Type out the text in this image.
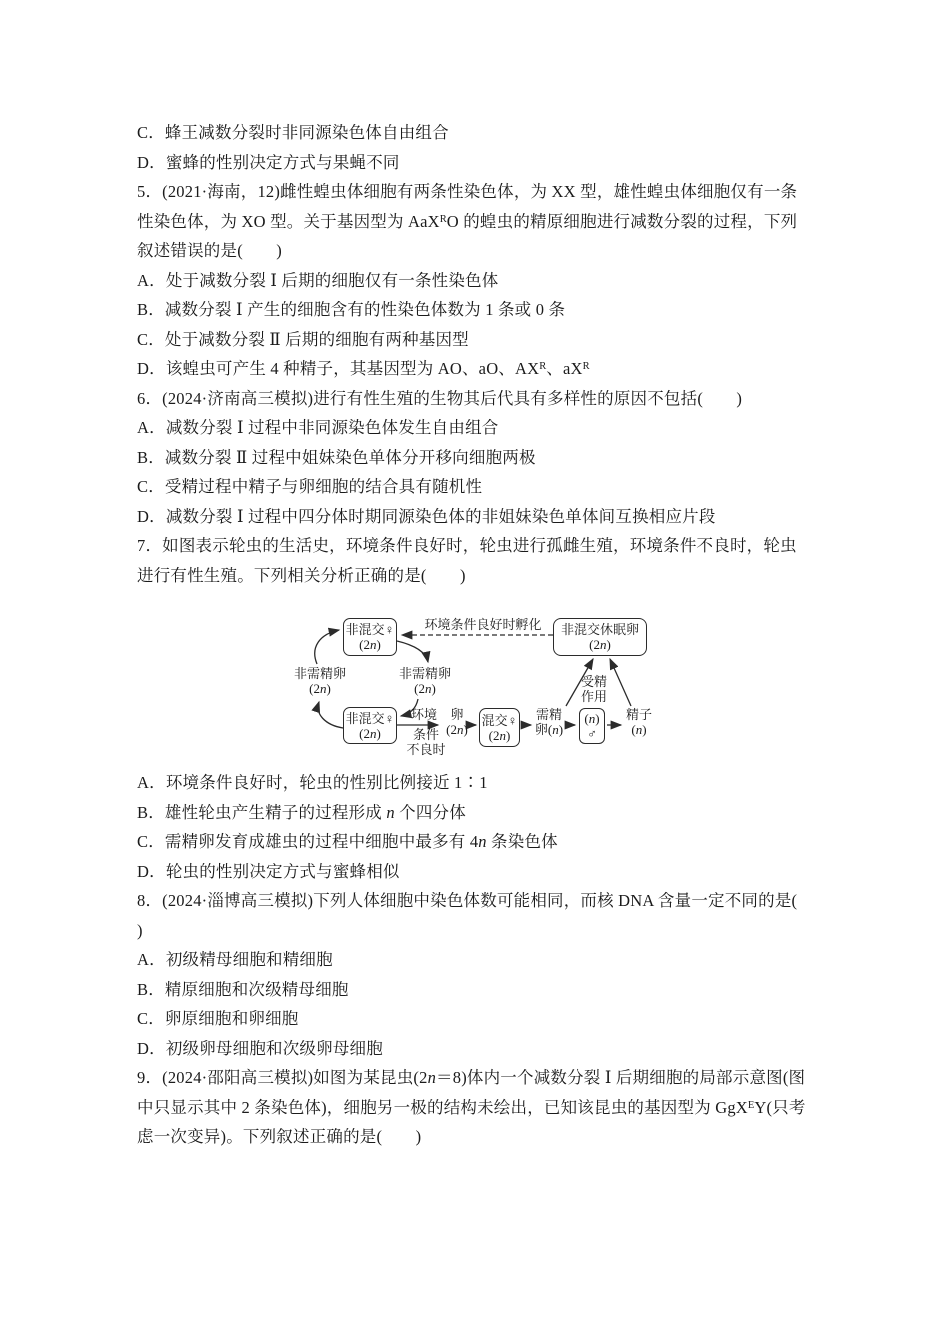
C．蜂王减数分裂时非同源染色体自由组合
D．蜜蜂的性别决定方式与果蝇不同
5．(2021·海南，12)雌性蝗虫体细胞有两条性染色体，为 XX 型，雄性蝗虫体细胞仅有一条
性染色体，为 XO 型。关于基因型为 AaX$^R$O 的蝗虫的精原细胞进行减数分裂的过程，下列
叙述错误的是(　　)
A．处于减数分裂 Ⅰ 后期的细胞仅有一条性染色体
B．减数分裂 Ⅰ 产生的细胞含有的性染色体数为 1 条或 0 条
C．处于减数分裂 Ⅱ 后期的细胞有两种基因型
D．该蝗虫可产生 4 种精子，其基因型为 AO、aO、$AX^R$、$aX^R$
6．(2024·济南高三模拟)进行有性生殖的生物其后代具有多样性的原因不包括(　　)
A．减数分裂 Ⅰ 过程中非同源染色体发生自由组合
B．减数分裂 Ⅱ 过程中姐妹染色单体分开移向细胞两极
C．受精过程中精子与卵细胞的结合具有随机性
D．减数分裂 Ⅰ 过程中四分体时期同源染色体的非姐妹染色单体间互换相应片段
7．如图表示轮虫的生活史，环境条件良好时，轮虫进行孤雌生殖，环境条件不良时，轮虫
进行有性生殖。下列相关分析正确的是(　　)
非混交♀
(2n)
非混交休眠卵
(2n)
非混交♀
(2n)
混交♀
(2n)
(n)
♂
环境条件良好时孵化
非需精卵
(2n)
非需精卵
(2n)	受精
作用
环境
条件
不良时
卵
(2n)
需精
卵(n)
精子
(n)
A．环境条件良好时，轮虫的性别比例接近 1∶1
B．雄性轮虫产生精子的过程形成 n 个四分体
C．需精卵发育成雄虫的过程中细胞中最多有 4n 条染色体
D．轮虫的性别决定方式与蜜蜂相似
8．(2024·淄博高三模拟)下列人体细胞中染色体数可能相同，而核 DNA 含量一定不同的是(
)
A．初级精母细胞和精细胞
B．精原细胞和次级精母细胞
C．卵原细胞和卵细胞
D．初级卵母细胞和次级卵母细胞
9．(2024·邵阳高三模拟)如图为某昆虫(2n＝8)体内一个减数分裂 Ⅰ 后期细胞的局部示意图(图
中只显示其中 2 条染色体)，细胞另一极的结构未绘出，已知该昆虫的基因型为 GgX$^E$Y(只考
虑一次变异)。下列叙述正确的是(　　)
